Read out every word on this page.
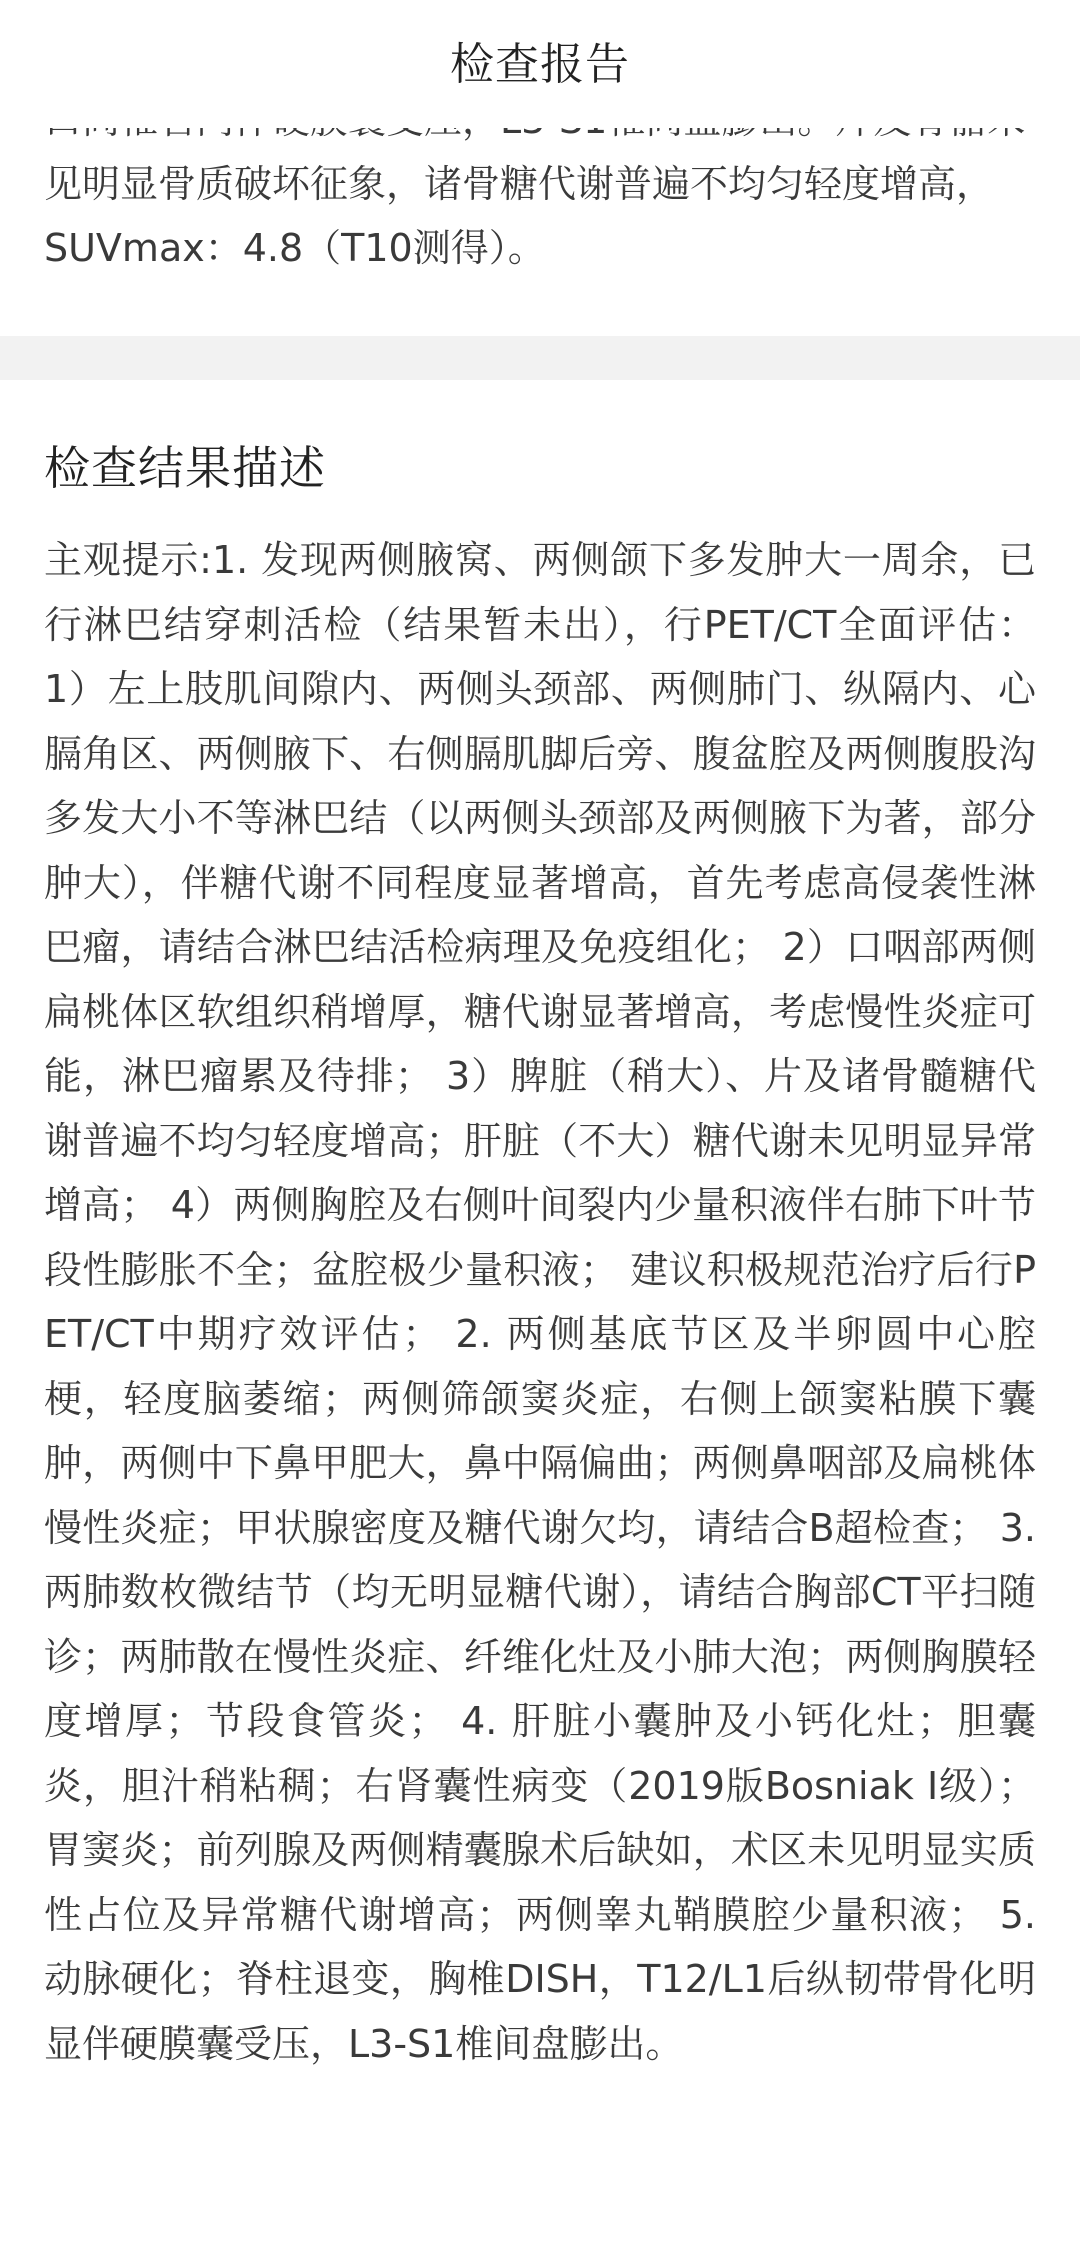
见明显骨质破坏征象，诸骨糖代谢普遍不均匀轻度增高，SUVmax：4.8（T10测得）。
检查报告
检查结果描述
主观提示:1. 发现两侧腋窝、两侧颌下多发肿大一周余，已行淋巴结穿刺活检（结果暂未出），行PET/CT全面评估： 1）左上肢肌间隙内、两侧头颈部、两侧肺门、纵隔内、心膈角区、两侧腋下、右侧膈肌脚后旁、腹盆腔及两侧腹股沟多发大小不等淋巴结（以两侧头颈部及两侧腋下为著，部分肿大），伴糖代谢不同程度显著增高，首先考虑高侵袭性淋巴瘤，请结合淋巴结活检病理及免疫组化； 2）口咽部两侧扁桃体区软组织稍增厚，糖代谢显著增高，考虑慢性炎症可能，淋巴瘤累及待排； 3）脾脏（稍大）、片及诸骨髓糖代谢普遍不均匀轻度增高；肝脏（不大）糖代谢未见明显异常增高； 4）两侧胸腔及右侧叶间裂内少量积液伴右肺下叶节段性膨胀不全；盆腔极少量积液； 建议积极规范治疗后行PET/CT中期疗效评估； 2. 两侧基底节区及半卵圆中心腔梗，轻度脑萎缩；两侧筛颌窦炎症，右侧上颌窦粘膜下囊肿，两侧中下鼻甲肥大，鼻中隔偏曲；两侧鼻咽部及扁桃体慢性炎症；甲状腺密度及糖代谢欠均，请结合B超检查； 3. 两肺数枚微结节（均无明显糖代谢），请结合胸部CT平扫随诊；两肺散在慢性炎症、纤维化灶及小肺大泡；两侧胸膜轻度增厚；节段食管炎； 4. 肝脏小囊肿及小钙化灶；胆囊炎，胆汁稍粘稠；右肾囊性病变（2019版Bosniak I级）；胃窦炎；前列腺及两侧精囊腺术后缺如，术区未见明显实质性占位及异常糖代谢增高；两侧睾丸鞘膜腔少量积液； 5. 动脉硬化；脊柱退变，胸椎DISH，T12/L1后纵韧带骨化明显伴硬膜囊受压，L3-S1椎间盘膨出。
